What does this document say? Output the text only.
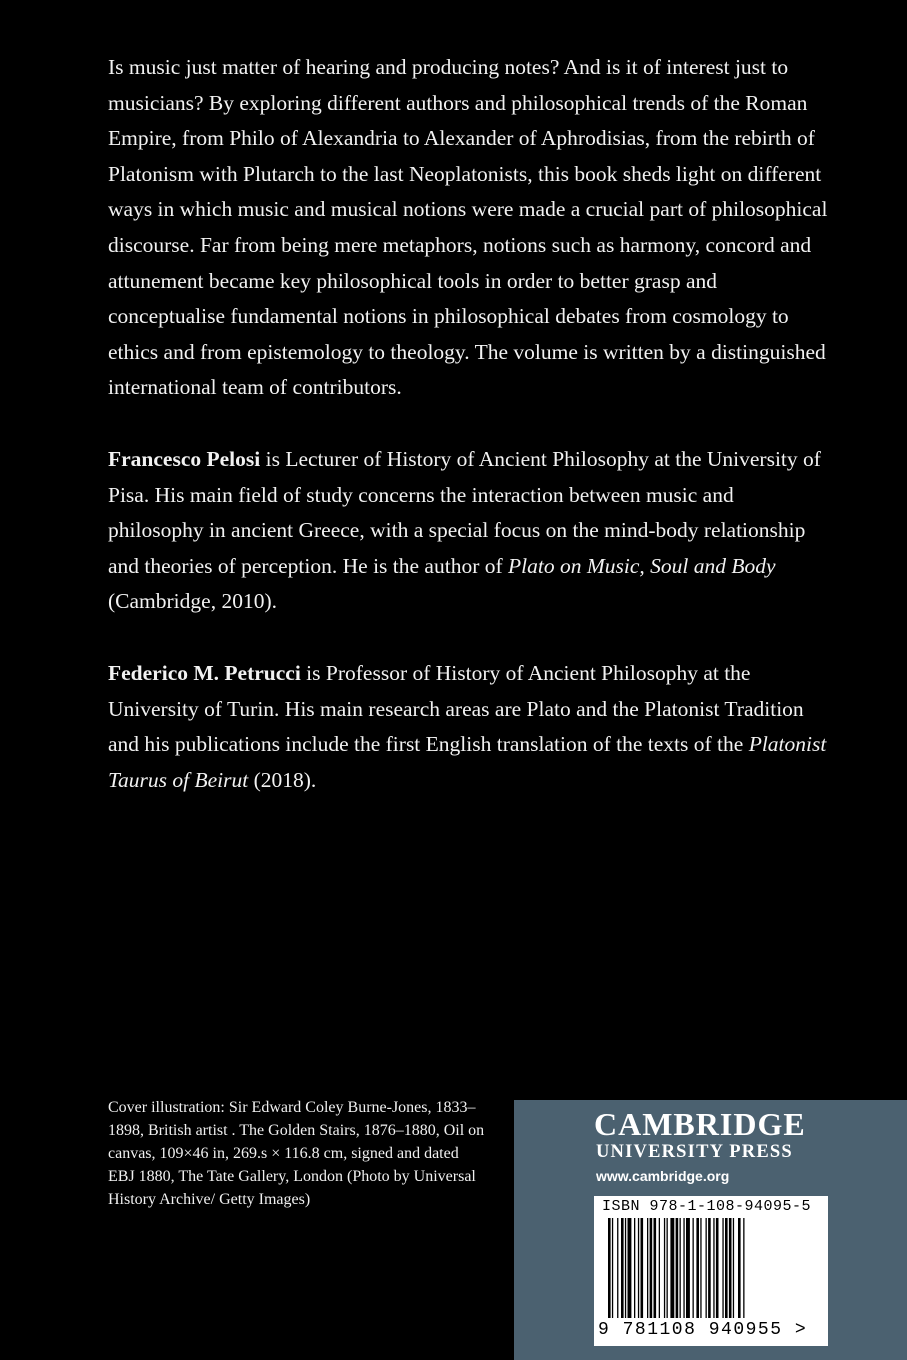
Is music just matter of hearing and producing notes? And is it of interest just to musicians? By exploring different authors and philosophical trends of the Roman Empire, from Philo of Alexandria to Alexander of Aphrodisias, from the rebirth of Platonism with Plutarch to the last Neoplatonists, this book sheds light on different ways in which music and musical notions were made a crucial part of philosophical discourse. Far from being mere metaphors, notions such as harmony, concord and attunement became key philosophical tools in order to better grasp and conceptualise fundamental notions in philosophical debates from cosmology to ethics and from epistemology to theology. The volume is written by a distinguished international team of contributors.

Francesco Pelosi is Lecturer of History of Ancient Philosophy at the University of Pisa. His main field of study concerns the interaction between music and philosophy in ancient Greece, with a special focus on the mind-body relationship and theories of perception. He is the author of Plato on Music, Soul and Body (Cambridge, 2010).

Federico M. Petrucci is Professor of History of Ancient Philosophy at the University of Turin. His main research areas are Plato and the Platonist Tradition and his publications include the first English translation of the texts of the Platonist Taurus of Beirut (2018).

Cover illustration: Sir Edward Coley Burne-Jones, 1833–1898, British artist . The Golden Stairs, 1876–1880, Oil on canvas, 109×46 in, 269.s × 116.8 cm, signed and dated EBJ 1880, The Tate Gallery, London (Photo by Universal History Archive/ Getty Images)
CAMBRIDGE
UNIVERSITY PRESS
www.cambridge.org
ISBN 978-1-108-94095-5
9 781108 940955 >
